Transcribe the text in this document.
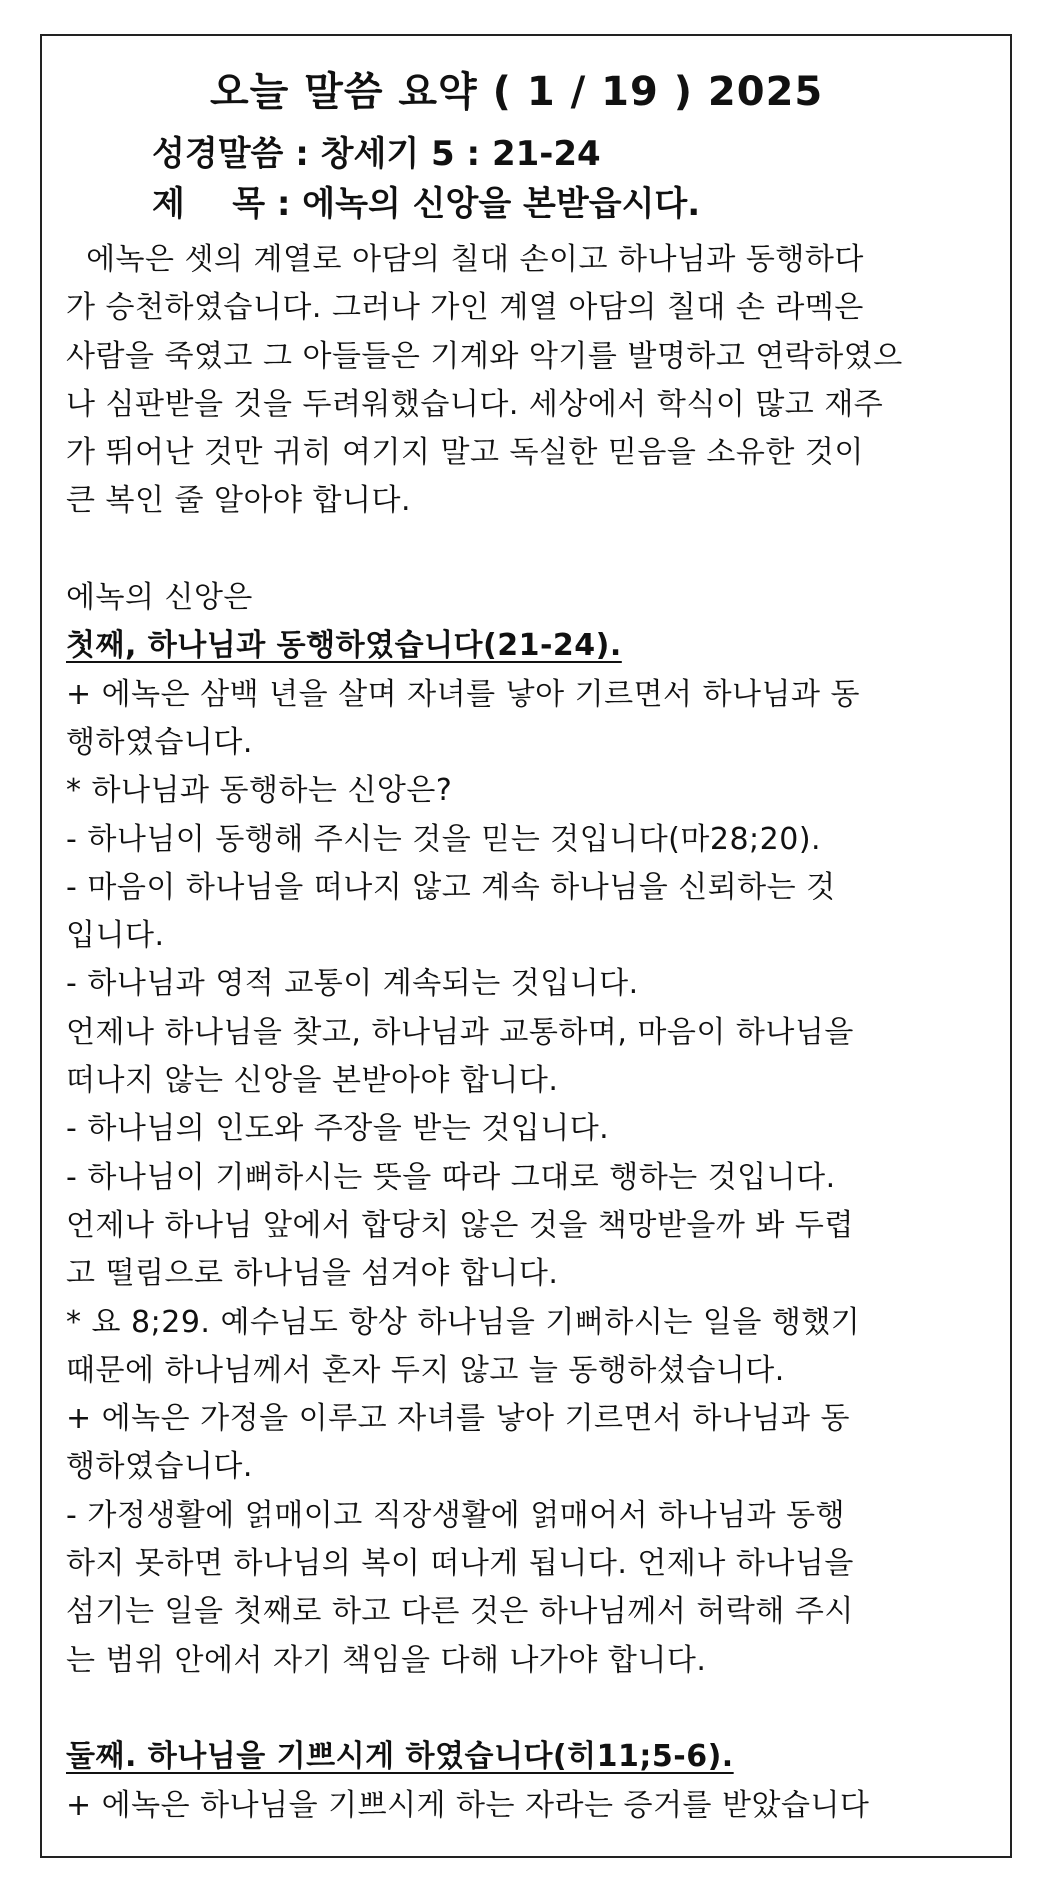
오늘 말씀 요약 ( 1 / 19 ) 2025
성경말씀 : 창세기 5 : 21-24
제    목 : 에녹의 신앙을 본받읍시다.
에녹은 셋의 계열로 아담의 칠대 손이고 하나님과 동행하다
가 승천하였습니다. 그러나 가인 계열 아담의 칠대 손 라멕은
사람을 죽였고 그 아들들은 기계와 악기를 발명하고 연락하였으
나 심판받을 것을 두려워했습니다. 세상에서 학식이 많고 재주
가 뛰어난 것만 귀히 여기지 말고 독실한 믿음을 소유한 것이
큰 복인 줄 알아야 합니다.
에녹의 신앙은
첫째, 하나님과 동행하였습니다(21-24).
+ 에녹은 삼백 년을 살며 자녀를 낳아 기르면서 하나님과 동
행하였습니다.
* 하나님과 동행하는 신앙은?
- 하나님이 동행해 주시는 것을 믿는 것입니다(마28;20).
- 마음이 하나님을 떠나지 않고 계속 하나님을 신뢰하는 것
입니다.
- 하나님과 영적 교통이 계속되는 것입니다.
언제나 하나님을 찾고, 하나님과 교통하며, 마음이 하나님을
떠나지 않는 신앙을 본받아야 합니다.
- 하나님의 인도와 주장을 받는 것입니다.
- 하나님이 기뻐하시는 뜻을 따라 그대로 행하는 것입니다.
언제나 하나님 앞에서 합당치 않은 것을 책망받을까 봐 두렵
고 떨림으로 하나님을 섬겨야 합니다.
* 요 8;29. 예수님도 항상 하나님을 기뻐하시는 일을 행했기
때문에 하나님께서 혼자 두지 않고 늘 동행하셨습니다.
+ 에녹은 가정을 이루고 자녀를 낳아 기르면서 하나님과 동
행하였습니다.
- 가정생활에 얽매이고 직장생활에 얽매어서 하나님과 동행
하지 못하면 하나님의 복이 떠나게 됩니다. 언제나 하나님을
섬기는 일을 첫째로 하고 다른 것은 하나님께서 허락해 주시
는 범위 안에서 자기 책임을 다해 나가야 합니다.
둘째. 하나님을 기쁘시게 하였습니다(히11;5-6).
+ 에녹은 하나님을 기쁘시게 하는 자라는 증거를 받았습니다
